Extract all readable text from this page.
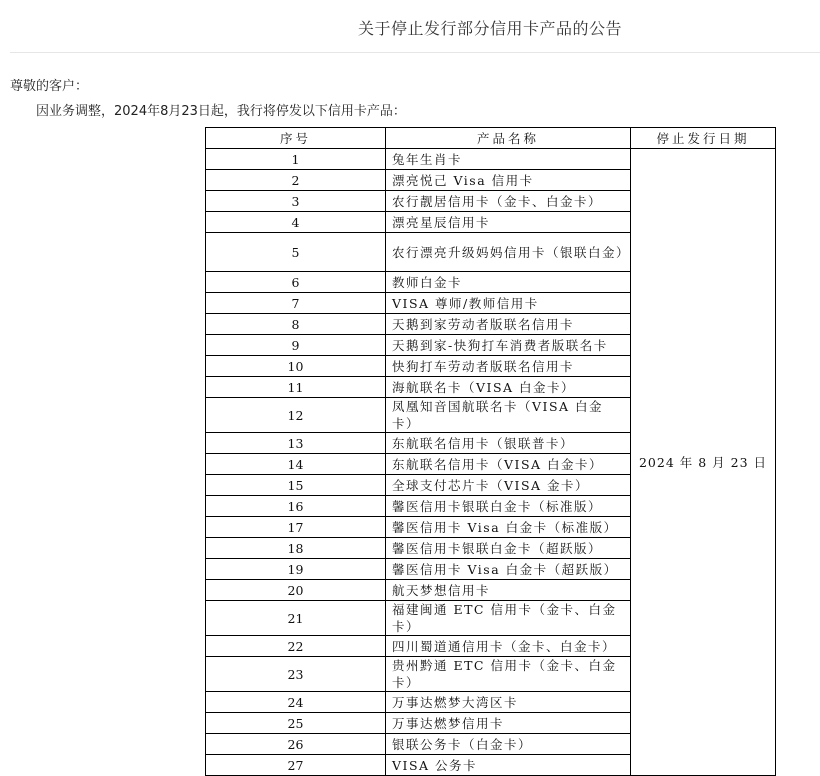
关于停止发行部分信用卡产品的公告
尊敬的客户：
因业务调整，2024年8月23日起，我行将停发以下信用卡产品：
序号	产品名称	停止发行日期
1	兔年生肖卡	2024 年 8 月 23 日
2	漂亮悦己 Visa 信用卡	
3	农行靓居信用卡（金卡、白金卡）	
4	漂亮星辰信用卡	
5	农行漂亮升级妈妈信用卡（银联白金）	
6	教师白金卡	
7	VISA 尊师/教师信用卡	
8	天鹅到家劳动者版联名信用卡	
9	天鹅到家-快狗打车消费者版联名卡	
10	快狗打车劳动者版联名信用卡	
11	海航联名卡（VISA 白金卡）	
12	凤凰知音国航联名卡（VISA 白金卡）	
13	东航联名信用卡（银联普卡）	
14	东航联名信用卡（VISA 白金卡）	
15	全球支付芯片卡（VISA 金卡）	
16	馨医信用卡银联白金卡（标准版）	
17	馨医信用卡 Visa 白金卡（标准版）	
18	馨医信用卡银联白金卡（超跃版）	
19	馨医信用卡 Visa 白金卡（超跃版）	
20	航天梦想信用卡	
21	福建闽通 ETC 信用卡（金卡、白金卡）	
22	四川蜀道通信用卡（金卡、白金卡）	
23	贵州黔通 ETC 信用卡（金卡、白金卡）	
24	万事达燃梦大湾区卡	
25	万事达燃梦信用卡	
26	银联公务卡（白金卡）	
27	VISA 公务卡	
